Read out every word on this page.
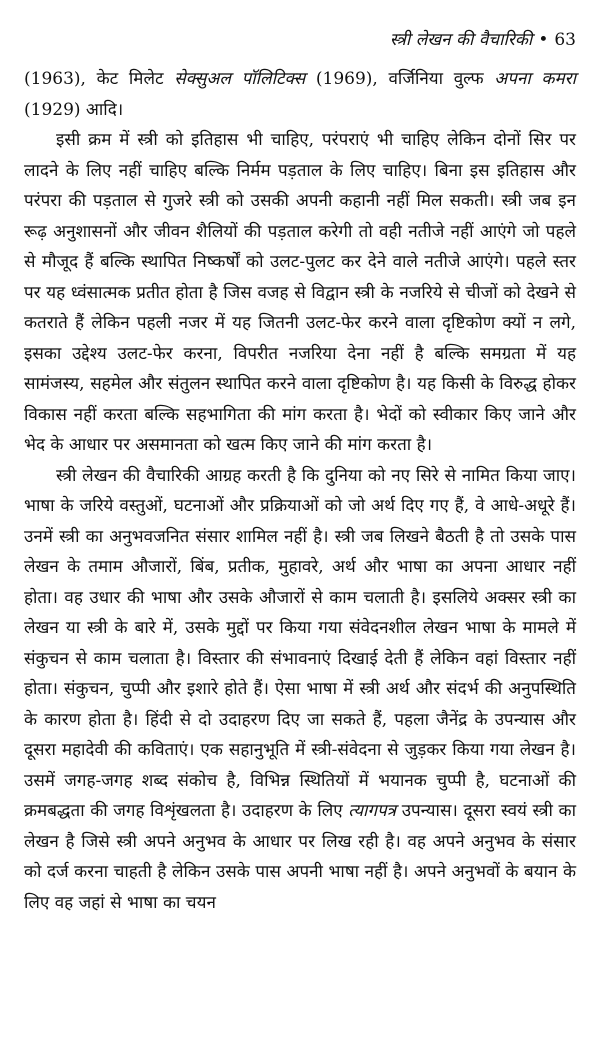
स्त्री लेखन की वैचारिकी • 63

(1963), केट मिलेट सेक्सुअल पॉलिटिक्स (1969), वर्जिनिया वुल्फ अपना कमरा (1929) आदि।

इसी क्रम में स्त्री को इतिहास भी चाहिए, परंपराएं भी चाहिए लेकिन दोनों सिर पर लादने के लिए नहीं चाहिए बल्कि निर्मम पड़ताल के लिए चाहिए। बिना इस इतिहास और परंपरा की पड़ताल से गुजरे स्त्री को उसकी अपनी कहानी नहीं मिल सकती। स्त्री जब इन रूढ़ अनुशासनों और जीवन शैलियों की पड़ताल करेगी तो वही नतीजे नहीं आएंगे जो पहले से मौजूद हैं बल्कि स्थापित निष्कर्षों को उलट-पुलट कर देने वाले नतीजे आएंगे। पहले स्तर पर यह ध्वंसात्मक प्रतीत होता है जिस वजह से विद्वान स्त्री के नजरिये से चीजों को देखने से कतराते हैं लेकिन पहली नजर में यह जितनी उलट-फेर करने वाला दृष्टिकोण क्यों न लगे, इसका उद्देश्य उलट-फेर करना, विपरीत नजरिया देना नहीं है बल्कि समग्रता में यह सामंजस्य, सहमेल और संतुलन स्थापित करने वाला दृष्टिकोण है। यह किसी के विरुद्ध होकर विकास नहीं करता बल्कि सहभागिता की मांग करता है। भेदों को स्वीकार किए जाने और भेद के आधार पर असमानता को खत्म किए जाने की मांग करता है।

स्त्री लेखन की वैचारिकी आग्रह करती है कि दुनिया को नए सिरे से नामित किया जाए। भाषा के जरिये वस्तुओं, घटनाओं और प्रक्रियाओं को जो अर्थ दिए गए हैं, वे आधे-अधूरे हैं। उनमें स्त्री का अनुभवजनित संसार शामिल नहीं है। स्त्री जब लिखने बैठती है तो उसके पास लेखन के तमाम औजारों, बिंब, प्रतीक, मुहावरे, अर्थ और भाषा का अपना आधार नहीं होता। वह उधार की भाषा और उसके औजारों से काम चलाती है। इसलिये अक्सर स्त्री का लेखन या स्त्री के बारे में, उसके मुद्दों पर किया गया संवेदनशील लेखन भाषा के मामले में संकुचन से काम चलाता है। विस्तार की संभावनाएं दिखाई देती हैं लेकिन वहां विस्तार नहीं होता। संकुचन, चुप्पी और इशारे होते हैं। ऐसा भाषा में स्त्री अर्थ और संदर्भ की अनुपस्थिति के कारण होता है। हिंदी से दो उदाहरण दिए जा सकते हैं, पहला जैनेंद्र के उपन्यास और दूसरा महादेवी की कविताएं। एक सहानुभूति में स्त्री-संवेदना से जुड़कर किया गया लेखन है। उसमें जगह-जगह शब्द संकोच है, विभिन्न स्थितियों में भयानक चुप्पी है, घटनाओं की क्रमबद्धता की जगह विशृंखलता है। उदाहरण के लिए त्यागपत्र उपन्यास। दूसरा स्वयं स्त्री का लेखन है जिसे स्त्री अपने अनुभव के आधार पर लिख रही है। वह अपने अनुभव के संसार को दर्ज करना चाहती है लेकिन उसके पास अपनी भाषा नहीं है। अपने अनुभवों के बयान के लिए वह जहां से भाषा का चयन
